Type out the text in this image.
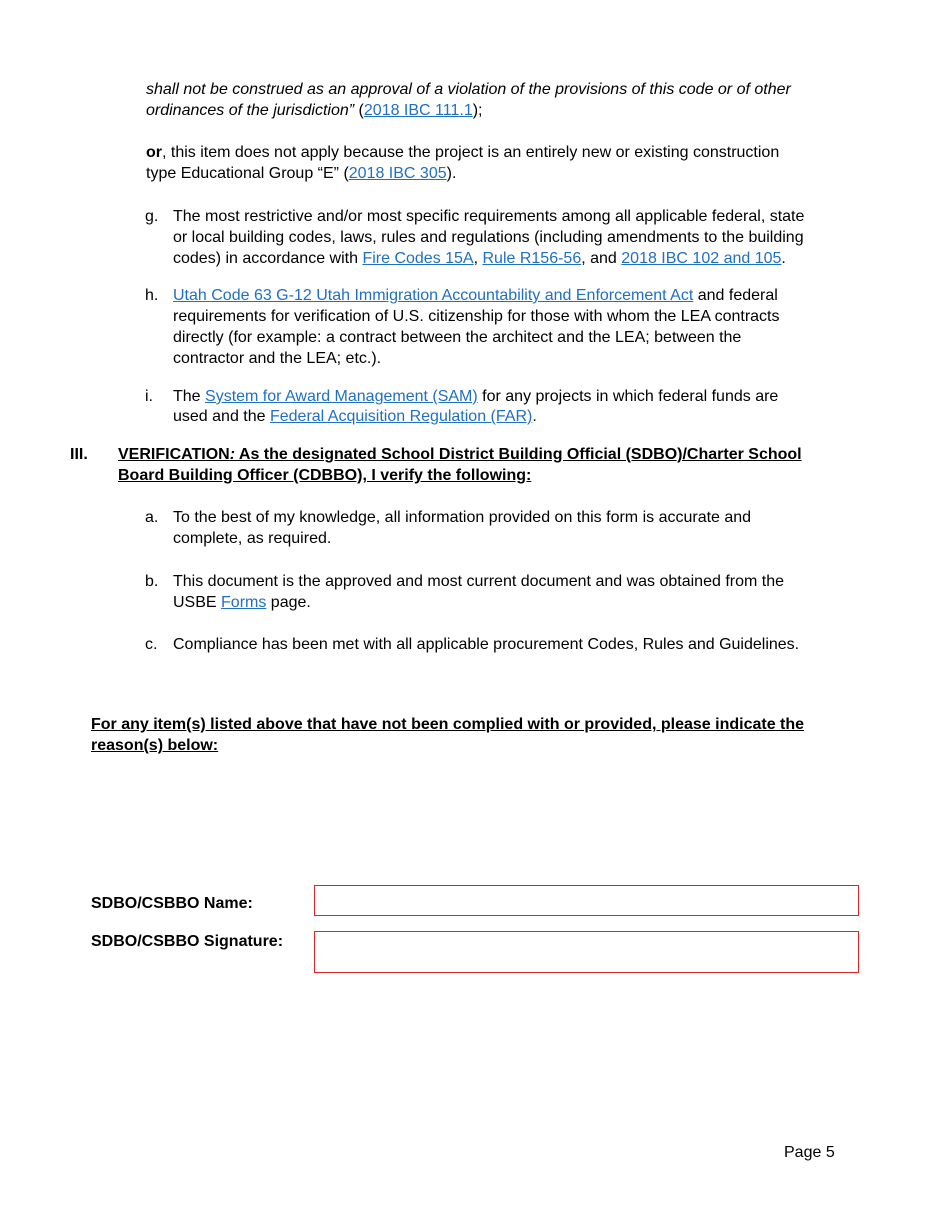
shall not be construed as an approval of a violation of the provisions of this code or of other
ordinances of the jurisdiction” (2018 IBC 111.1);
or, this item does not apply because the project is an entirely new or existing construction
type Educational Group “E” (2018 IBC 305).
g. The most restrictive and/or most specific requirements among all applicable federal, state
or local building codes, laws, rules and regulations (including amendments to the building
codes) in accordance with Fire Codes 15A, Rule R156-56, and 2018 IBC 102 and 105.
h. Utah Code 63 G-12 Utah Immigration Accountability and Enforcement Act and federal
requirements for verification of U.S. citizenship for those with whom the LEA contracts
directly (for example: a contract between the architect and the LEA; between the
contractor and the LEA; etc.).
i. The System for Award Management (SAM) for any projects in which federal funds are
used and the Federal Acquisition Regulation (FAR).
III. VERIFICATION: As the designated School District Building Official (SDBO)/Charter School
Board Building Officer (CDBBO), I verify the following:
a. To the best of my knowledge, all information provided on this form is accurate and
complete, as required.
b. This document is the approved and most current document and was obtained from the
USBE Forms page.
c. Compliance has been met with all applicable procurement Codes, Rules and Guidelines.
For any item(s) listed above that have not been complied with or provided, please indicate the
reason(s) below:
SDBO/CSBBO Name:
SDBO/CSBBO Signature:
Page 5
